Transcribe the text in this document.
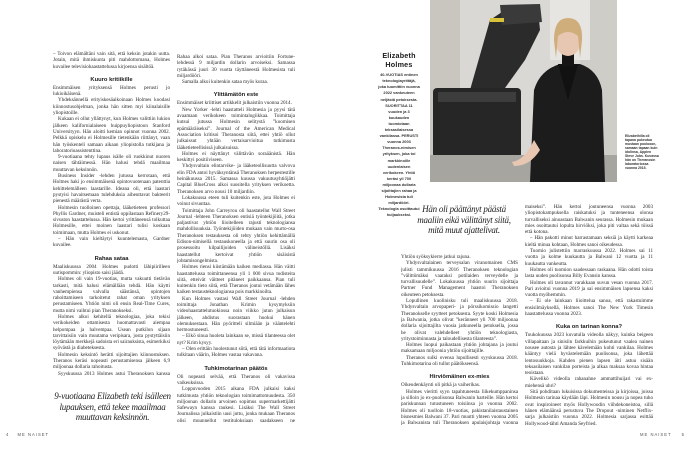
– Toivon elämältäni vain sitä, että keksin jotakin uutta. Jotain, mitä ihmiskunta piti mahdottomana, Holmes kuvailee televisiohaastattelussa kirjoensa sisältöä.

Kuuro kritiikille

Ensimmäisen yrityksensä Holmes perusti jo lukioikäisenä.

Yhdeksännellä erityiskesäaikoinaan Holmes koodasi kiinnostusohjelman, jonka hän sitten myi kiinalaisille yliopistoille.

Kukaan ei ollut yllättynyt, kun Holmes valittiin lukion jälkeen kalifornialaiseen huippuyliopistoon Stanford Universityyn. Hän aloitti kemian opinnot vuonna 2002. Pelkkä opiskelu ei Holmesille tietenkään riittänyt, vaan hän työskenteli samaan aikaan yliopistolla tutkijana ja laboratorioassistenttina.

9-vuotiaana tehty lupaus isälle oli ruokkinut nuoren naisen tähtäimessä. Hän halusi tehdä maailmaa muuttavan keksinnön.

Business Insider -lehden jutussa kerrotaan, että Holmes haki jo ensimmäisenä opintovuotenaan patenttia kehittelemälleen laastarille. Ideana oli, että laastari pystyisi havaitsemaan tulehduksia aiheuttavat bakteerit pienestä määrästä verta.

Holmesin tuolloinen opettaja, lääketieteen professori Phyllis Gardner, muisteli entistä oppilastaan Refinery29-sivuston haastattelussa. Hän kertoi yrittäneensä tolkuttaa Holmesille, ettei moinen laastari tulisi koskaan toimimaan, mutta Holmes ei uskonut.

– Hän vain kieltäytyi kuuntelemasta, Gardner kuvailee.

Rahaa sataa

Maaliskuussa 2004 Holmes pudotti lähipiirilleen uutispommin: yliopisto saisi jäädä.

Holmes oli vain 19-vuotias, mutta vakuutti tietävän tarkasti, mitä halusi elämällään tehdä. Hän käytti vanhempiensa valvalla säästänsä, opintojen rahoittamiseen tarkoitetut rahat oman yrityksen perustamiseen. Yhtiön nimi oli ensin Real-Time Cures, mutta nimi vaihtui pian Theranokseksi.

Holmes alkoi kehitellä teknologiaa, joka tekisi verikokeiden ottamisesta huomattavasti aiempaa helpompaa ja halvempaa. Usean putkilon sijaan tarvittaisiin vain muutama veripisara, josta pystyttäisiin löytämään merkkejä sadoista eri sairauksista, esimerkiksi syövästä ja diabeteksesta.

Holmesin keksintö herätti sijoittajien kiinnostuksen. Theranos keräsi nopeasti perustamisensa jälkeen 6,9 miljoonaa dollaria rahoitusta.

Syyskuussa 2013 Holmes astui Theranoksen kanssa

Rahaa alkoi sataa. Pian Theranos arvioitiin Fortune-lehdessä 9 miljardin dollarin arvoiseksi. Samassa rytäkässä juuri 30 vuotta täyttäneestä Holmesista tuli miljardööri.

Samalla alkoi kuitenkin sataa myös kuraa.

Ylittämätön este

Ensimmäiset kriittiset artikkelit julkaistiin vuonna 2014.

New Yorker -lehti haastatteli Holmesia ja pyysi tätä avaamaan verikokeen toimintalogiikkaa. Toimittaja kutsui jutussa Holmesin selitystä ”koomisen epämääräiseksi”. Journal of the American Medical Association kritisoi Theranosta siitä, ettei yhtiö ollut julkaissut yhtään vertaisarvioitua tutkimusta lääketieteellisissä julkaisuissa.

Holmes ei näyttänyt välittävän soraäänistä. Hän keskittyi positiiviseen.

Yhdysvaltain elintarvike- ja lääketeollisuutta valvova elin FDA antoi hyväksyntänsä Theranoksen herpestestille heinäkuussa 2015. Samassa kuussa vakuutusyhtiöjätti Capital BlueCross alkoi suositella yrityksen verikoetta. Theranoksen arvo nousi 10 miljardiin.

Lokakuussa eteen tuli kuitenkin este, jota Holmes ei voinut sivuuttaa.

Toimittaja John Carreyrou oli haastatellut Wall Street Journal -lehteen Theranoksen entisiä työntekijöitä, jotka paljastivat yhtiön liioitelleen rajusti teknologiansa mahdollisuuksia. Työntekijöiden mukaan vain murto-osa Theranoksen testauksesta oli tehty yhtiön kehittämällä Edison-nimisellä testauskoneella ja että suurin osa oli prosessoitu kilpailijoiden välineistöllä. Lisäksi haastatellut kertoivat yhtiön sisäisistä johtamisongelmista.

Holmes riensi kiistämään kaiken mediassa. Hän väitti haastattelussa toimittaneensa yli 1 000 sivua todisteita siitä, etteivät väitteet pitäneet paikkaansa. Pian tuli kuitenkin tieto siitä, että Theranos joutui vetämään lähes kaiken testausteknologiansa pois markkinoilta.

Kun Holmes vastasi Wall Street Journal -lehden toimittaja Jonathan Krimin kysymyksiin videohaastattelutuokiossa noin viikko jutun julkaisun jälkeen, ahdistus suorastaan huokui hänen olemuksestaan. Hän pyöritteli silmiään ja vääntelehti hermostuneesti.

– Eikö sinua huoleta lainkaan se, missä tilanteessa olet nyt? Krim kysyy.

– Olen erittäin huolestunut siitä, että tätä informaatiota tulkitaan väärin, Holmes vastaa vakavana.

Tuhkimotarinan päätös

Oli nopeasti selvää, että Theranos oli vakavissa vaikeuksissa.

Loppuvuoden 2015 aikana FDA julkaisi kaksi tutkimusta yhtiön teknologian toimimattomuudesta. 350 miljoonan dollarin arvoinen sopimus supermarkettijätti Safewayn kanssa raukesi. Lisäksi The Wall Street Journalissa julkaistiin uusi juttu, jonka mukaan Theranos olisi muunnellut testituloksiaan saadakseen ne

9-vuotiaana Elizabeth teki isälleen
lupauksen, että tekee maailmaa
muuttavan keksinnön.
4 ME NAISET
Elizabeth Holmes
40-VUOTIAS entinen teknologiayrittäjä, joka tuomittiin vuonna 2022 vankeuteen neljästä petoksesta. SUORITTAA 11 vuoden ja 3 kuukauden tuomiotaan teksasilaisessa vankilassa. PERUSTI vuonna 2003 Theranos-nimisen yrityksen, joka toi markkinoille uudenlaisen verikokeen. Yhtiö keräsi yli 700 miljoonaa dollaria sijoittajien rahaa ja Holmesista tuli miljardööri. Teknologia osoittautui huijaukseksi.
Elizabethilla oli tapana pukeutua mustaan poolooon, samaan tapaan kuin idolinsa, Applen Steve Jobs. Kuvassa hän on Theranosin laboratoriossa vuonna 2015.
Hän oli päättänyt päästä
maaliin eikä välittänyt siitä,
mitä muut ajattelivat.

Yhtiön syöksykierre jatkui rajuna.

Yhdysvaltalainen terveysalan viranomainen CMS julisti tammikuussa 2016 Theranoksen teknologian ”välittömäksi vaaraksi potilaiden terveydelle ja turvallisuudelle”. Lokakuussa yhtiön suurin sijoittaja Partner Fund Management haastoi Theranoksen oikeuteen petoksesta.

Lopullinen kuolinisku tuli maaliskuussa 2018. Yhdysvaltain arvopaperi- ja pörssikomissio langetti Theranokselle syytteet petoksesta. Syyte koski Holmesia ja Balwania, jotka olivat ”keränneet yli 700 miljoonaa dollaria sijoittajilta vuosia jatkuneella petoksella, jossa he olivat valehdelleet yhtiön teknologiasta, yritystoiminnasta ja taloudellisesta tilanteesta”.

Holmes luopui paikastaan yhtiön johtajana ja joutui maksamaan miljoonia yhtiön sijoittajille.

Theranos sulki ovensa lopullisesti syyskuussa 2018. Tuhkimotarina oli tullut päätökseensä.

Hirviömäinen ex-mies

Oikeudenkäynti oli pitkä ja vaiherikas.

Holmes vieritti syyn tapahtuneesta liikekumppaninsa ja silloin jo ex-puolisonsa Balwanin harteille. Hän kertoi pariskunnan tutustuneen toisiinsa jo vuonna 2002. Holmes oli tuolloin 18-vuotias, pakistanilaistaustainen bisnesmies Balwani 37. Pari muutti yhteen vuonna 2005 ja Balwanista tuli Theranoksen apulaisjohtaja vuonna

maiseksi”. Hän kertoi joutuneensa vuonna 2003 yliopistokampuksella raiskatuksi ja tunteneensa olonsa turvalliseksi ainoastaan Balwanin seurassa. Holmesin mukaan mies osoittautui lopulta hirviöksi, joka piti valtaa sekä töissä että kotona.

– Hän pakotti minut harrastamaan seksiä ja käytti karkeaa kieltä minua kohtaan, Holmes sanoi oikeudessa.

Tuomio julistettiin marraskuussa 2022. Holmes sai 11 vuotta ja kolme kuukautta ja Balwani 12 vuotta ja 11 kuukautta vankeutta.

Holmes oli tuomion saadessaan raskaana. Hän odotti toista lasta uuden puolisonsa Billy Evansin kanssa.

Holmes oli tavannut varakkaan suvun vesan vuonna 2017. Pari avioitui vuonna 2019 ja sai ensimmäisen lapsensa kaksi vuotta myöhemmin.

– Ei ole lainkaan liioittelua sanoa, että rakastuimme ensisilmäyksellä, Holmes sanoi The New York Timesin haastattelussa vuonna 2023.

Kuka on tarinan konna?

Toukokuussa 2023 kuvatulla videolla näkyy, kuinka beigeen villapaitaan ja sinisiin farkkuihin pukeutunut vaalea nainen nousee autosta ja lähtee kävelemään kohti vankilaa. Holmes kääntyy vielä hyvästelemään puolisonsa, joka lähettää lentosuukkoja. Kahden pienen lapsen äiti astuu sisään teksasilaisen vankilan porteista ja alkaa maksaa kovaa hintaa teoistaan.

Kävelikö videolla rahanahne ammattihuijari vai ex-miehensä uhri?

Sitä pohditaan lukuisissa dokumenteissa ja kirjoissa, joissa Holmesin tarinaa käydään läpi. Holmesin nousu ja nopea tuho ovat inspiroineet myös Hollywoodin viihdekoneistoa, sillä hänen elämäänsä perustuva The Dropout -niminen Netflix-sarja julkaistiin vuonna 2022. Holmesia sarjassa esittää Hollywood-tähti Amanda Seyfried.

ME NAISET 5
